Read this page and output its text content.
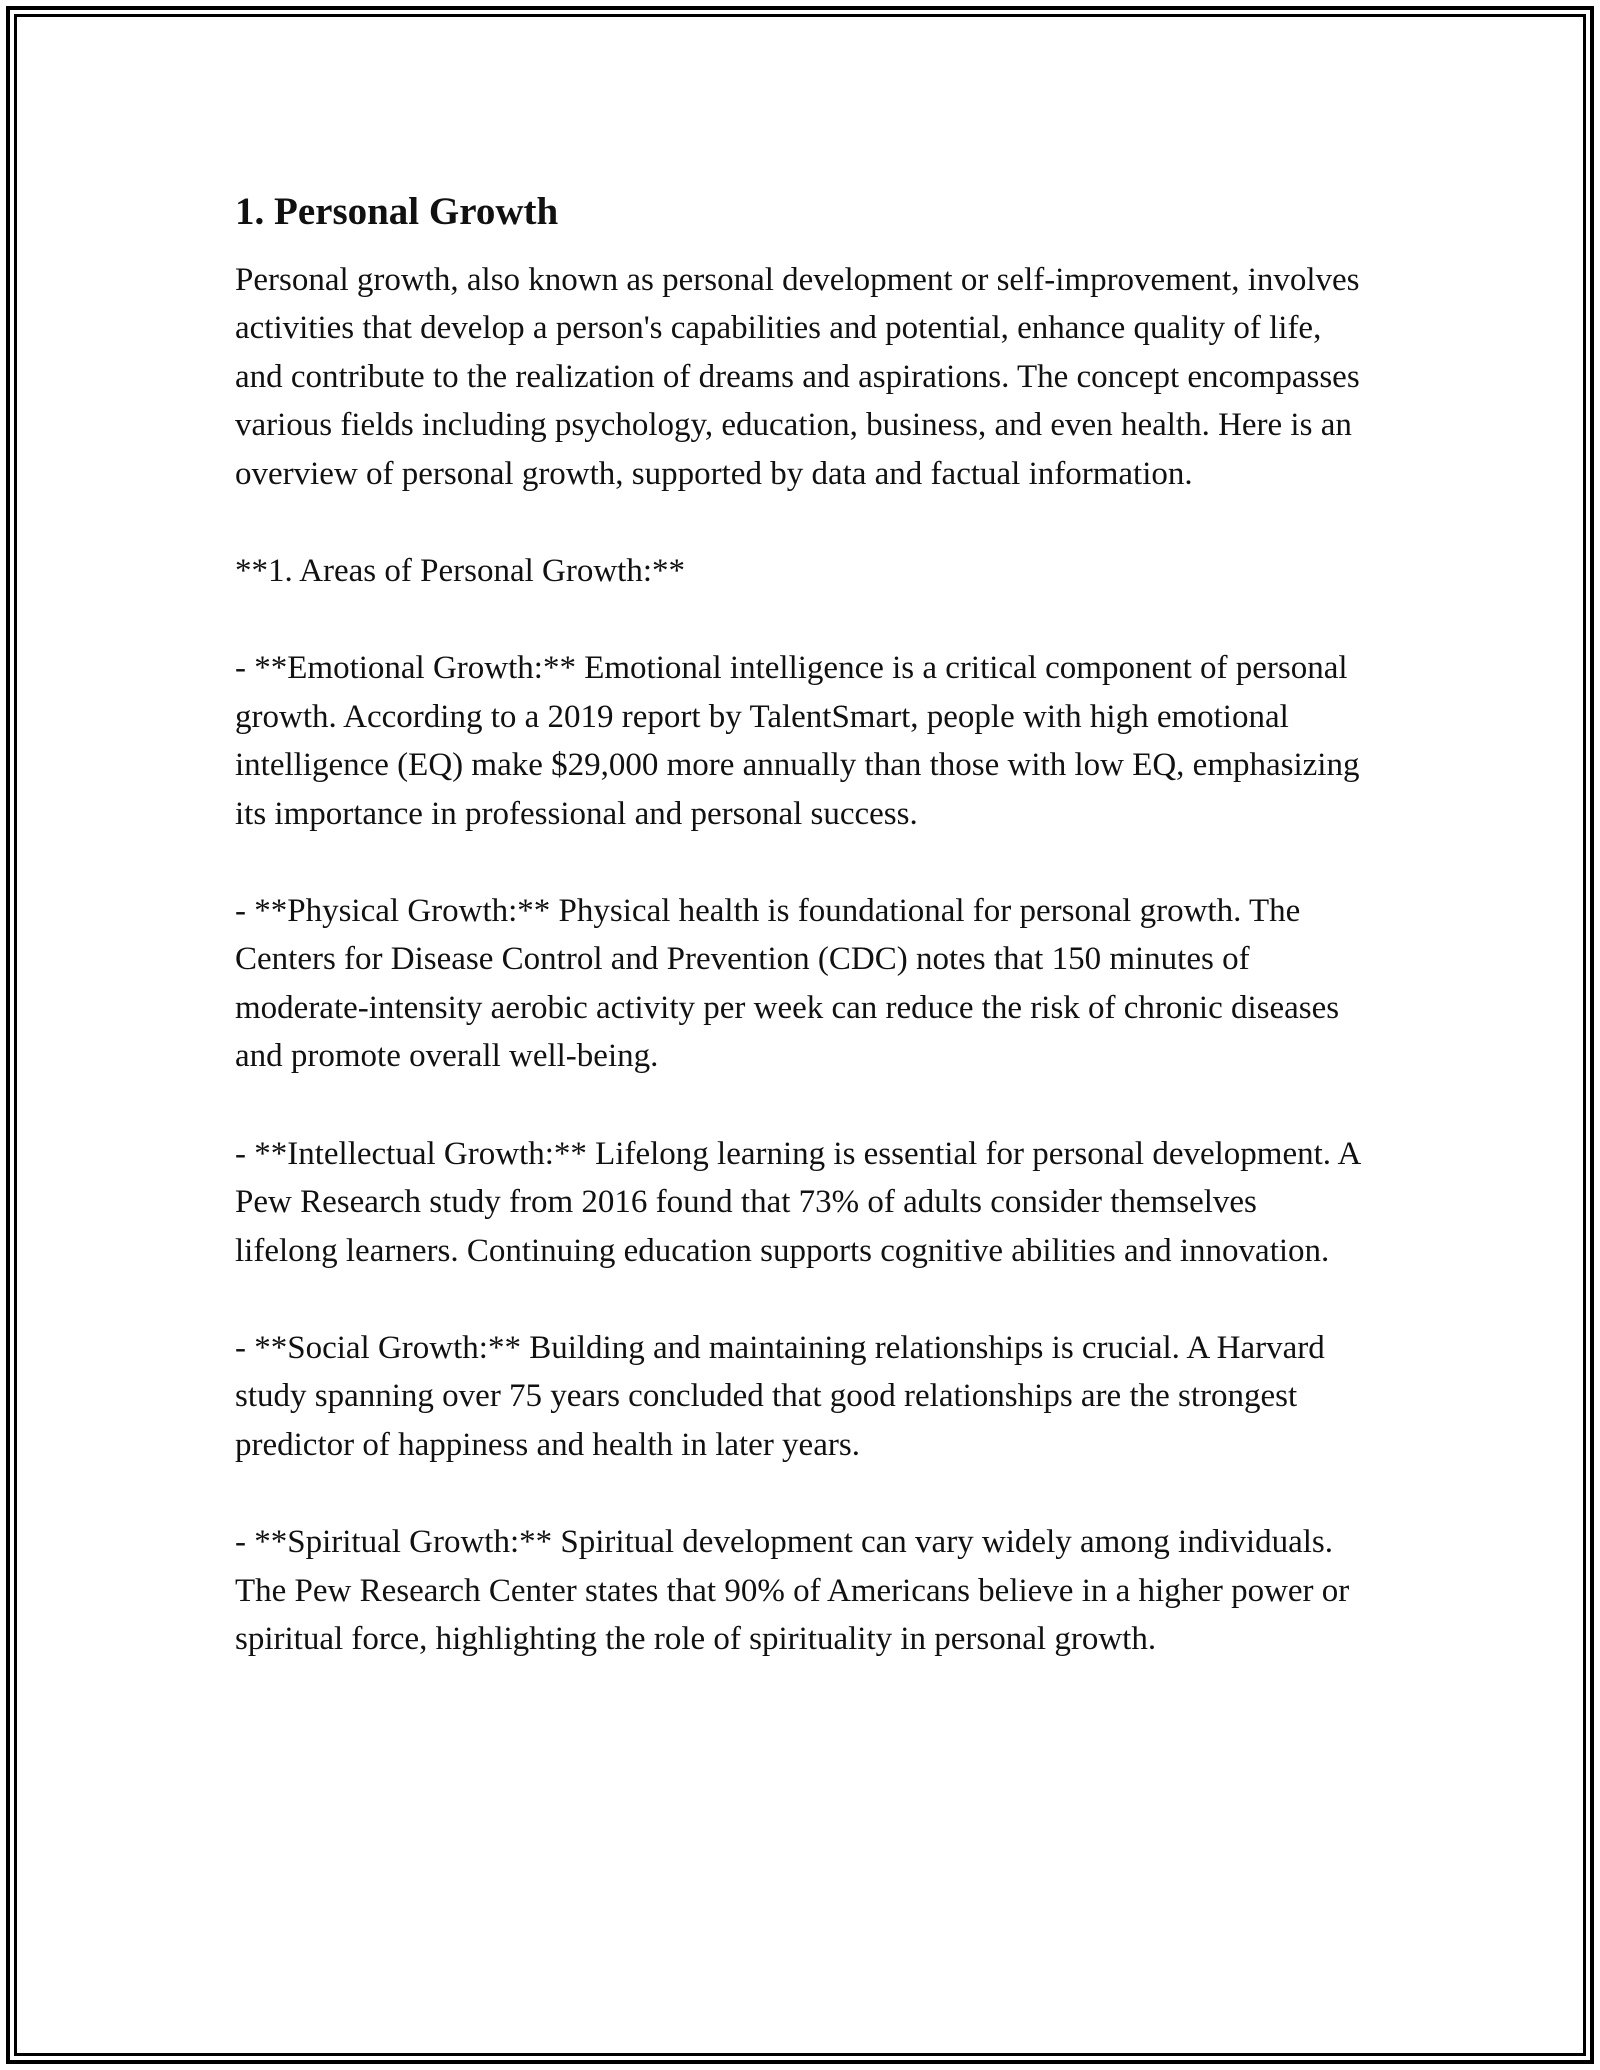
1. Personal Growth

Personal growth, also known as personal development or self-improvement, involves activities that develop a person's capabilities and potential, enhance quality of life, and contribute to the realization of dreams and aspirations. The concept encompasses various fields including psychology, education, business, and even health. Here is an overview of personal growth, supported by data and factual information.

**1. Areas of Personal Growth:**

- **Emotional Growth:** Emotional intelligence is a critical component of personal growth. According to a 2019 report by TalentSmart, people with high emotional intelligence (EQ) make $29,000 more annually than those with low EQ, emphasizing its importance in professional and personal success.

- **Physical Growth:** Physical health is foundational for personal growth. The Centers for Disease Control and Prevention (CDC) notes that 150 minutes of moderate-intensity aerobic activity per week can reduce the risk of chronic diseases and promote overall well-being.

- **Intellectual Growth:** Lifelong learning is essential for personal development. A Pew Research study from 2016 found that 73% of adults consider themselves lifelong learners. Continuing education supports cognitive abilities and innovation.

- **Social Growth:** Building and maintaining relationships is crucial. A Harvard study spanning over 75 years concluded that good relationships are the strongest predictor of happiness and health in later years.

- **Spiritual Growth:** Spiritual development can vary widely among individuals. The Pew Research Center states that 90% of Americans believe in a higher power or spiritual force, highlighting the role of spirituality in personal growth.
